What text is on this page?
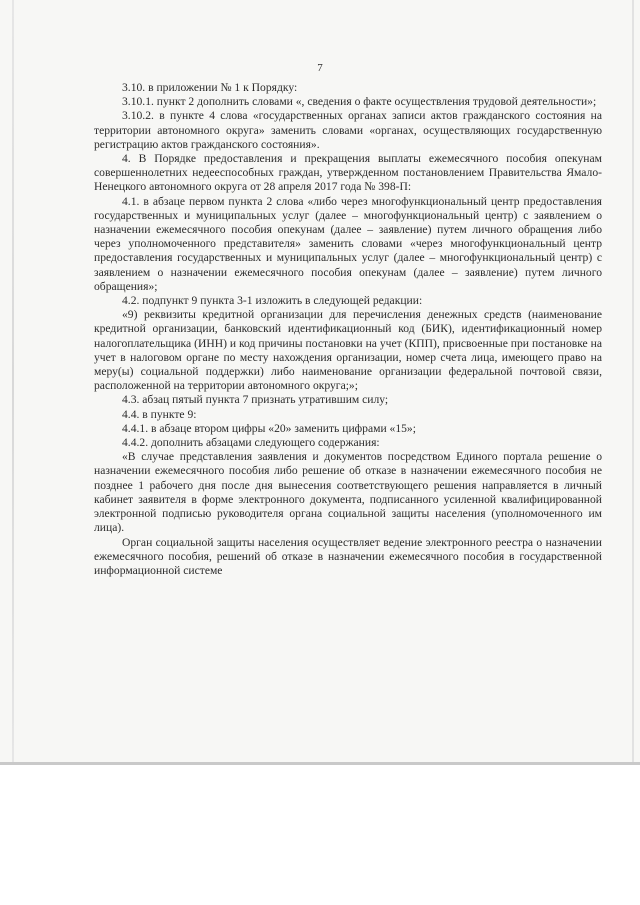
7

3.10. в приложении № 1 к Порядку:

3.10.1. пункт 2 дополнить словами «, сведения о факте осуществления трудовой деятельности»;

3.10.2. в пункте 4 слова «государственных органах записи актов гражданского состояния на территории автономного округа» заменить словами «органах, осуществляющих государственную регистрацию актов гражданского состояния».

4. В Порядке предоставления и прекращения выплаты ежемесячного пособия опекунам совершеннолетних недееспособных граждан, утвержденном постановлением Правительства Ямало-Ненецкого автономного округа от 28 апреля 2017 года № 398-П:

4.1. в абзаце первом пункта 2 слова «либо через многофункциональный центр предоставления государственных и муниципальных услуг (далее – многофункциональный центр) с заявлением о назначении ежемесячного пособия опекунам (далее – заявление) путем личного обращения либо через уполномоченного представителя» заменить словами «через многофункциональный центр предоставления государственных и муниципальных услуг (далее – многофункциональный центр) с заявлением о назначении ежемесячного пособия опекунам (далее – заявление) путем личного обращения»;

4.2. подпункт 9 пункта 3-1 изложить в следующей редакции:

«9) реквизиты кредитной организации для перечисления денежных средств (наименование кредитной организации, банковский идентификационный код (БИК), идентификационный номер налогоплательщика (ИНН) и код причины постановки на учет (КПП), присвоенные при постановке на учет в налоговом органе по месту нахождения организации, номер счета лица, имеющего право на меру(ы) социальной поддержки) либо наименование организации федеральной почтовой связи, расположенной на территории автономного округа;»;

4.3. абзац пятый пункта 7 признать утратившим силу;

4.4. в пункте 9:

4.4.1. в абзаце втором цифры «20» заменить цифрами «15»;

4.4.2. дополнить абзацами следующего содержания:

«В случае представления заявления и документов посредством Единого портала решение о назначении ежемесячного пособия либо решение об отказе в назначении ежемесячного пособия не позднее 1 рабочего дня после дня вынесения соответствующего решения направляется в личный кабинет заявителя в форме электронного документа, подписанного усиленной квалифицированной электронной подписью руководителя органа социальной защиты населения (уполномоченного им лица).

Орган социальной защиты населения осуществляет ведение электронного реестра о назначении ежемесячного пособия, решений об отказе в назначении ежемесячного пособия в государственной информационной системе
